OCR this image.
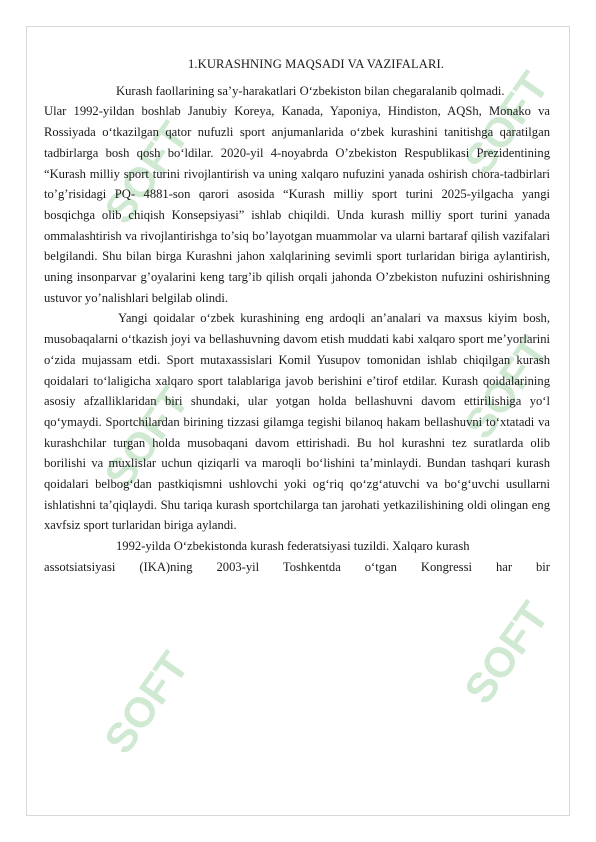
SOFT
SOFT
SOFT
SOFT
SOFT
SOFT
1.KURASHNING MAQSADI VA VAZIFALARI.

Kurash faollarining sa’y-harakatlari O‘zbekiston bilan chegaralanib qolmadi.

Ular 1992-yildan boshlab Janubiy Koreya, Kanada, Yaponiya, Hindiston, AQSh, Monako va Rossiyada o‘tkazilgan qator nufuzli sport anjumanlarida o‘zbek kurashini tanitishga qaratilgan tadbirlarga bosh qosh bo‘ldilar. 2020-yil 4-noyabrda O’zbekiston Respublikasi Prezidentining “Kurash milliy sport turini rivojlantirish va uning xalqaro nufuzini yanada oshirish chora-tadbirlari to’g’risidagi PQ- 4881-son qarori asosida “Kurash milliy sport turini 2025-yilgacha yangi bosqichga olib chiqish Konsepsiyasi” ishlab chiqildi. Unda kurash milliy sport turini yanada ommalashtirish va rivojlantirishga to’siq bo’layotgan muammolar va ularni bartaraf qilish vazifalari belgilandi. Shu bilan birga Kurashni jahon xalqlarining sevimli sport turlaridan biriga aylantirish, uning insonparvar g’oyalarini keng targ’ib qilish orqali jahonda O’zbekiston nufuzini oshirishning ustuvor yo’nalishlari belgilab olindi.

Yangi qoidalar o‘zbek kurashining eng ardoqli an’analari va maxsus kiyim bosh, musobaqalarni o‘tkazish joyi va bellashuvning davom etish muddati kabi xalqaro sport me’yorlarini o‘zida mujassam etdi. Sport mutaxassislari Komil Yusupov tomonidan ishlab chiqilgan kurash qoidalari to‘laligicha xalqaro sport talablariga javob berishini e’tirof etdilar. Kurash qoidalarining asosiy afzalliklaridan biri shundaki, ular yotgan holda bellashuvni davom ettirilishiga yo‘l qo‘ymaydi. Sportchilardan birining tizzasi gilamga tegishi bilanoq hakam bellashuvni to‘xtatadi va kurashchilar turgan holda musobaqani davom ettirishadi. Bu hol kurashni tez suratlarda olib borilishi va muxlislar uchun qiziqarli va maroqli bo‘lishini ta’minlaydi. Bundan tashqari kurash qoidalari belbog‘dan pastkiqismni ushlovchi yoki og‘riq qo‘zg‘atuvchi va bo‘g‘uvchi usullarni ishlatishni ta’qiqlaydi. Shu tariqa kurash sportchilarga tan jarohati yetkazilishining oldi olingan eng xavfsiz sport turlaridan biriga aylandi.

1992-yilda O‘zbekistonda kurash federatsiyasi tuzildi. Xalqaro kurash

assotsiatsiyasi (IKA)ning 2003-yil Toshkentda o‘tgan Kongressi har bir
